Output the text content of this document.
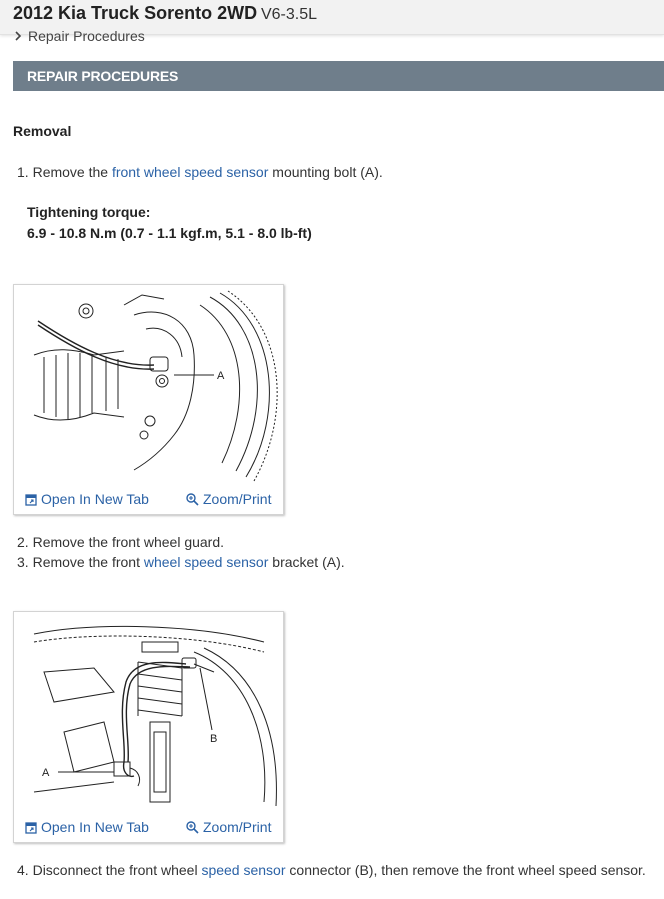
2012 Kia Truck Sorento 2WD V6-3.5L
Repair Procedures
REPAIR PROCEDURES
Removal
1. Remove the front wheel speed sensor mounting bolt (A).
Tightening torque:
6.9 - 10.8 N.m (0.7 - 1.1 kgf.m, 5.1 - 8.0 lb-ft)
A
Open In New Tab	Zoom/Print
2. Remove the front wheel guard.
3. Remove the front wheel speed sensor bracket (A).
B
A
Open In New Tab	Zoom/Print
4. Disconnect the front wheel speed sensor connector (B), then remove the front wheel speed sensor.
